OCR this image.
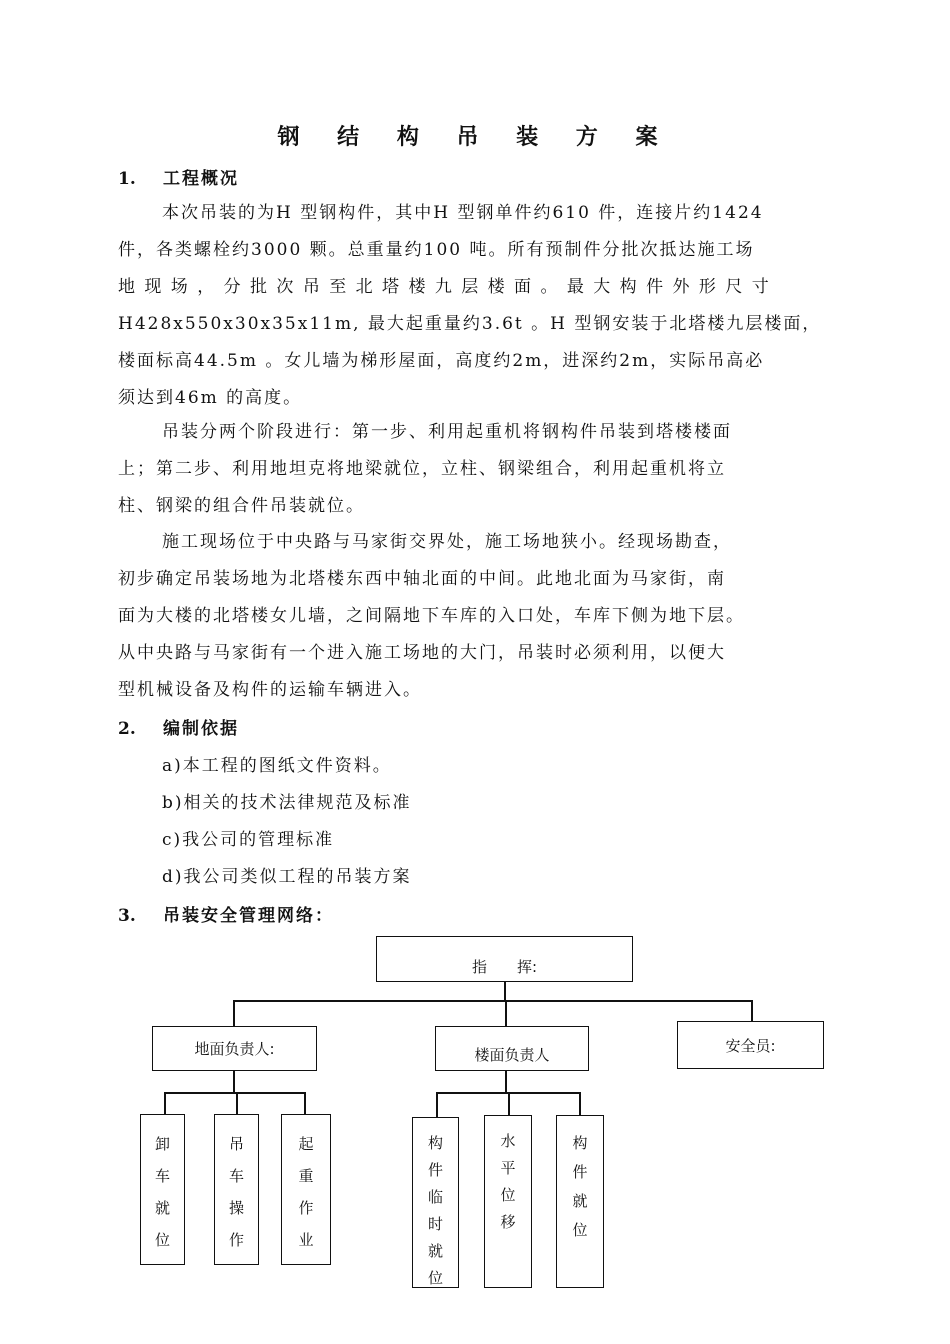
钢 结 构 吊 装 方 案
1. 工程概况
本次吊装的为H 型钢构件，其中H 型钢单件约610 件，连接片约1424
件，各类螺栓约3000 颗。总重量约100 吨。所有预制件分批次抵达施工场
地 现 场 ， 分 批 次 吊 至 北 塔 楼 九 层 楼 面 。 最 大 构 件 外 形 尺 寸
H428x550x30x35x11m, 最大起重量约3.6t 。H 型钢安装于北塔楼九层楼面，
楼面标高44.5m 。女儿墙为梯形屋面，高度约2m，进深约2m，实际吊高必
须达到46m 的高度。
吊装分两个阶段进行：第一步、利用起重机将钢构件吊装到塔楼楼面
上；第二步、利用地坦克将地梁就位，立柱、钢梁组合，利用起重机将立
柱、钢梁的组合件吊装就位。
施工现场位于中央路与马家街交界处，施工场地狭小。经现场勘查，
初步确定吊装场地为北塔楼东西中轴北面的中间。此地北面为马家街，南
面为大楼的北塔楼女儿墙，之间隔地下车库的入口处，车库下侧为地下层。
从中央路与马家街有一个进入施工场地的大门，吊装时必须利用，以便大
型机械设备及构件的运输车辆进入。
2. 编制依据
a)本工程的图纸文件资料。
b)相关的技术法律规范及标准
c)我公司的管理标准
d)我公司类似工程的吊装方案
3. 吊装安全管理网络：
指　　挥:
地面负责人:	楼面负责人
安全员:
卸
车
就
位
吊
车
操
作
起
重
作
业
构
件
临
时
就
位
水
平
位
移
构
件
就
位
